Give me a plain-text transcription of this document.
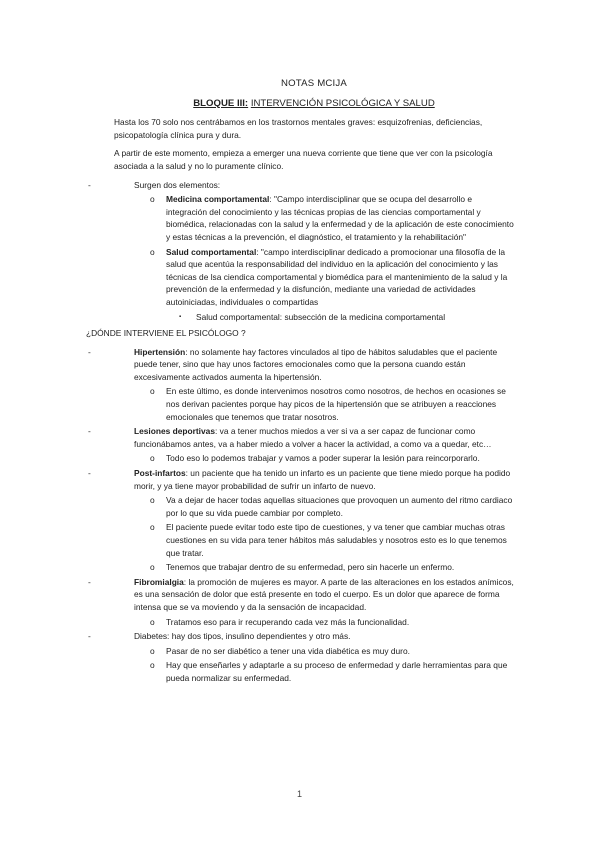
NOTAS MCIJA
BLOQUE III: INTERVENCIÓN PSICOLÓGICA Y SALUD

Hasta los 70 solo nos centrábamos en los trastornos mentales graves: esquizofrenias, deficiencias, psicopatología clínica pura y dura.

A partir de este momento, empieza a emerger una nueva corriente que tiene que ver con la psicología asociada a la salud y no lo puramente clínico.

-	Surgen dos elementos:
o Medicina comportamental: "Campo interdisciplinar que se ocupa del desarrollo e integración del conocimiento y las técnicas propias de las ciencias comportamental y biomédica, relacionadas con la salud y la enfermedad y de la aplicación de este conocimiento y estas técnicas a la prevención, el diagnóstico, el tratamiento y la rehabilitación"
o Salud comportamental: "campo interdisciplinar dedicado a promocionar una filosofía de la salud que acentúa la responsabilidad del individuo en la aplicación del conocimiento y las técnicas de lsa ciendica comportamental y biomédica para el mantenimiento de la salud y la prevención de la enfermedad y la disfunción, mediante una variedad de actividades autoiniciadas, individuales o compartidas
▪ Salud comportamental: subsección de la medicina comportamental
¿DÓNDE INTERVIENE EL PSICÓLOGO ?
-	Hipertensión: no solamente hay factores vinculados al tipo de hábitos saludables que el paciente puede tener, sino que hay unos factores emocionales como que la persona cuando están excesivamente activados aumenta la hipertensión.
o En este último, es donde intervenimos nosotros como nosotros, de hechos en ocasiones se nos derivan pacientes porque hay picos de la hipertensión que se atribuyen a reacciones emocionales que tenemos que tratar nosotros.
-	Lesiones deportivas: va a tener muchos miedos a ver si va a ser capaz de funcionar como funcionábamos antes, va a haber miedo a volver a hacer la actividad, a como va a quedar, etc…
o Todo eso lo podemos trabajar y vamos a poder superar la lesión para reincorporarlo.
-	Post-infartos: un paciente que ha tenido un infarto es un paciente que tiene miedo porque ha podido morir, y ya tiene mayor probabilidad de sufrir un infarto de nuevo.
o Va a dejar de hacer todas aquellas situaciones que provoquen un aumento del ritmo cardiaco por lo que su vida puede cambiar por completo.
o El paciente puede evitar todo este tipo de cuestiones, y va tener que cambiar muchas otras cuestiones en su vida para tener hábitos más saludables y nosotros esto es lo que tenemos que tratar.
o Tenemos que trabajar dentro de su enfermedad, pero sin hacerle un enfermo.
-	Fibromialgia: la promoción de mujeres es mayor. A parte de las alteraciones en los estados anímicos, es una sensación de dolor que está presente en todo el cuerpo. Es un dolor que aparece de forma intensa que se va moviendo y da la sensación de incapacidad.
o Tratamos eso para ir recuperando cada vez más la funcionalidad.
-	Diabetes: hay dos tipos, insulino dependientes y otro más.
o Pasar de no ser diabético a tener una vida diabética es muy duro.
o Hay que enseñarles y adaptarle a su proceso de enfermedad y darle herramientas para que pueda normalizar su enfermedad.
1
